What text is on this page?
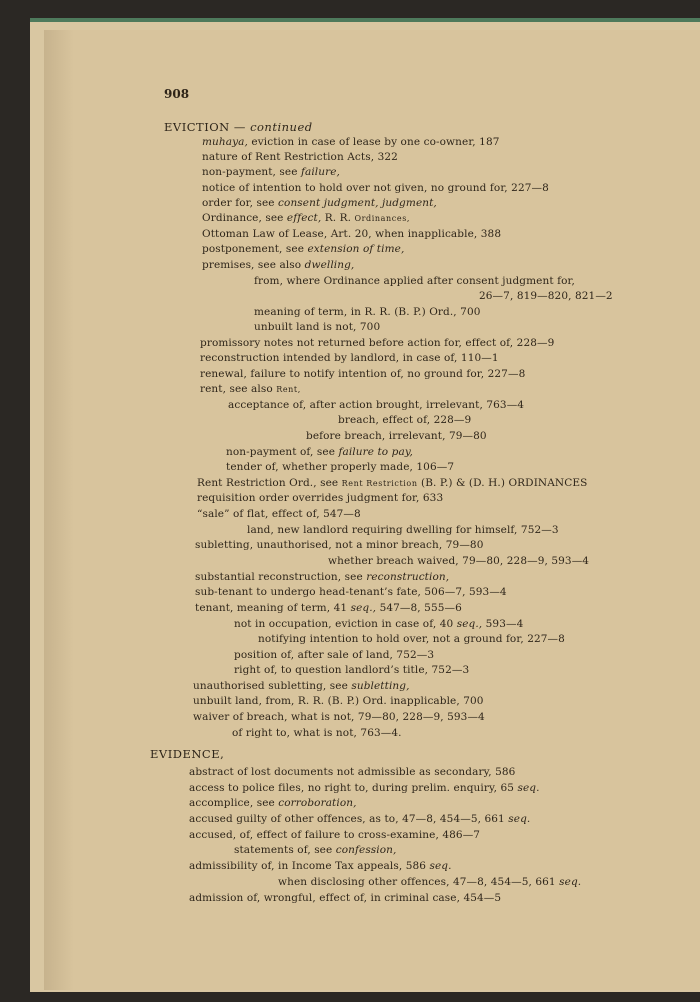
908
EVICTION — continued
muhaya, eviction in case of lease by one co-owner, 187
nature of Rent Restriction Acts, 322
non-payment, see failure,
notice of intention to hold over not given, no ground for, 227—8
order for, see consent judgment, judgment,
Ordinance, see effect, R. R. Ordinances,
Ottoman Law of Lease, Art. 20, when inapplicable, 388
postponement, see extension of time,
premises, see also dwelling,
from, where Ordinance applied after consent judgment for,
26—7, 819—820, 821—2
meaning of term, in R. R. (B. P.) Ord., 700
unbuilt land is not, 700
promissory notes not returned before action for, effect of, 228—9
reconstruction intended by landlord, in case of, 110—1
renewal, failure to notify intention of, no ground for, 227—8
rent, see also Rent,
acceptance of, after action brought, irrelevant, 763—4
breach, effect of, 228—9
before breach, irrelevant, 79—80
non-payment of, see failure to pay,
tender of, whether properly made, 106—7
Rent Restriction Ord., see Rent Restriction (B. P.) & (D. H.) ORDINANCES
requisition order overrides judgment for, 633
“sale” of flat, effect of, 547—8
land, new landlord requiring dwelling for himself, 752—3
subletting, unauthorised, not a minor breach, 79—80
whether breach waived, 79—80, 228—9, 593—4
substantial reconstruction, see reconstruction,
sub-tenant to undergo head-tenant’s fate, 506—7, 593—4
tenant, meaning of term, 41 seq., 547—8, 555—6
not in occupation, eviction in case of, 40 seq., 593—4
notifying intention to hold over, not a ground for, 227—8
position of, after sale of land, 752—3
right of, to question landlord’s title, 752—3
unauthorised subletting, see subletting,
unbuilt land, from, R. R. (B. P.) Ord. inapplicable, 700
waiver of breach, what is not, 79—80, 228—9, 593—4
of right to, what is not, 763—4.
EVIDENCE,
abstract of lost documents not admissible as secondary, 586
access to police files, no right to, during prelim. enquiry, 65 seq.
accomplice, see corroboration,
accused guilty of other offences, as to, 47—8, 454—5, 661 seq.
accused, of, effect of failure to cross-examine, 486—7
statements of, see confession,
admissibility of, in Income Tax appeals, 586 seq.
when disclosing other offences, 47—8, 454—5, 661 seq.
admission of, wrongful, effect of, in criminal case, 454—5
